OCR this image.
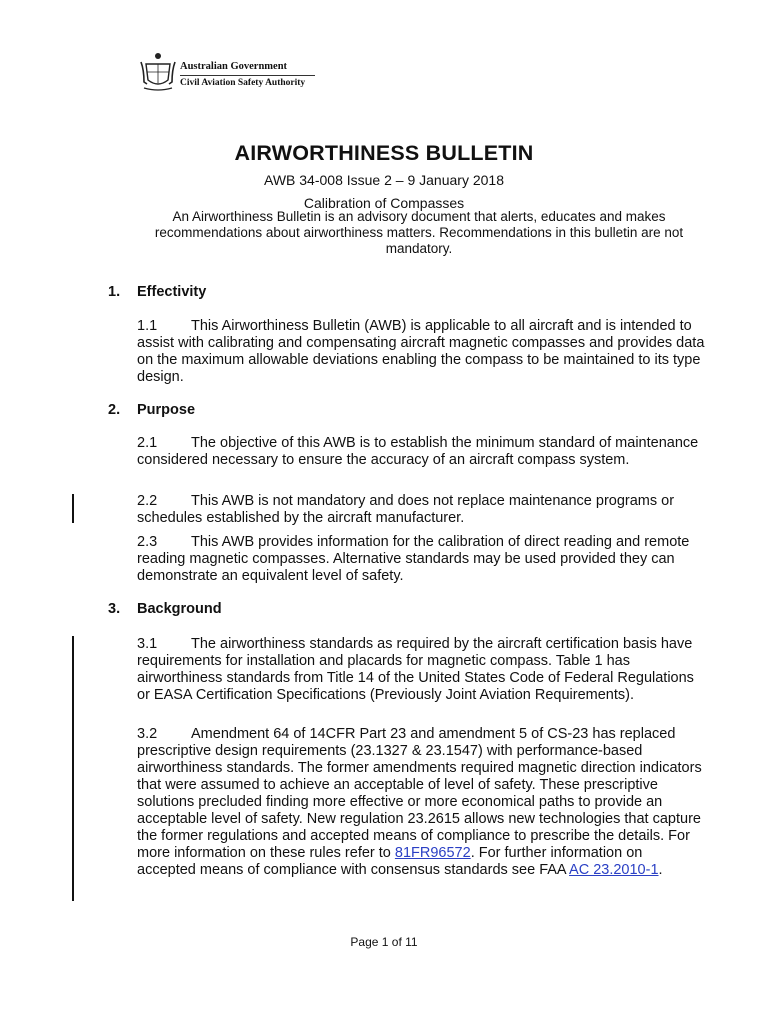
Australian Government
Civil Aviation Safety Authority
AIRWORTHINESS BULLETIN
AWB 34-008 Issue 2 – 9 January 2018
Calibration of Compasses
An Airworthiness Bulletin is an advisory document that alerts, educates and makes recommendations about airworthiness matters. Recommendations in this bulletin are not mandatory.
1. Effectivity
1.1 This Airworthiness Bulletin (AWB) is applicable to all aircraft and is intended to assist with calibrating and compensating aircraft magnetic compasses and provides data on the maximum allowable deviations enabling the compass to be maintained to its type design.
2. Purpose
2.1 The objective of this AWB is to establish the minimum standard of maintenance considered necessary to ensure the accuracy of an aircraft compass system.
2.2 This AWB is not mandatory and does not replace maintenance programs or schedules established by the aircraft manufacturer.
2.3 This AWB provides information for the calibration of direct reading and remote reading magnetic compasses. Alternative standards may be used provided they can demonstrate an equivalent level of safety.
3. Background
3.1 The airworthiness standards as required by the aircraft certification basis have requirements for installation and placards for magnetic compass. Table 1 has airworthiness standards from Title 14 of the United States Code of Federal Regulations or EASA Certification Specifications (Previously Joint Aviation Requirements).
3.2 Amendment 64 of 14CFR Part 23 and amendment 5 of CS-23 has replaced prescriptive design requirements (23.1327 & 23.1547) with performance-based airworthiness standards. The former amendments required magnetic direction indicators that were assumed to achieve an acceptable of level of safety. These prescriptive solutions precluded finding more effective or more economical paths to provide an acceptable level of safety. New regulation 23.2615 allows new technologies that capture the former regulations and accepted means of compliance to prescribe the details. For more information on these rules refer to 81FR96572. For further information on accepted means of compliance with consensus standards see FAA AC 23.2010-1.
Page 1 of 11
